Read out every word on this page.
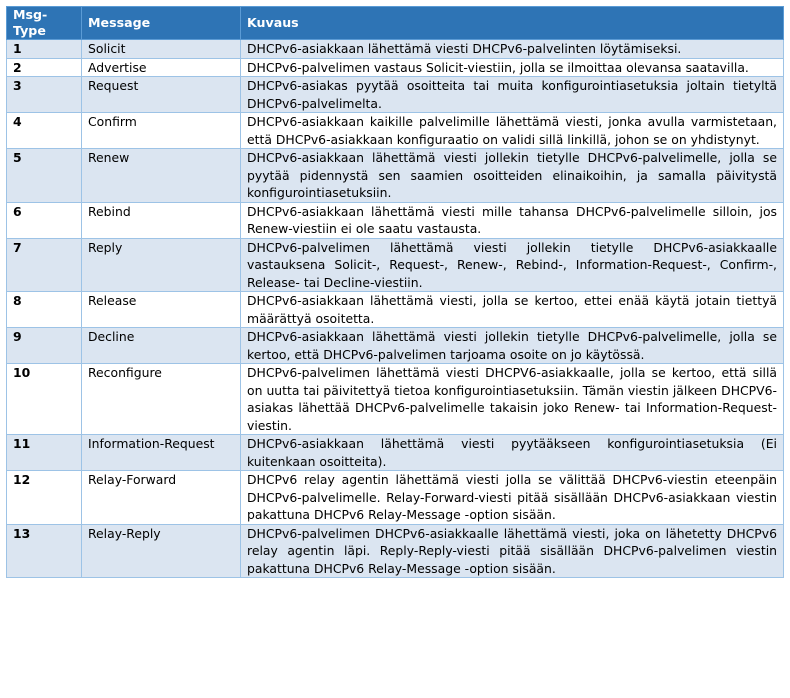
Msg-Type	Message	Kuvaus
1	Solicit	DHCPv6-asiakkaan lähettämä viesti DHCPv6-palvelinten löytämiseksi.
2	Advertise	DHCPv6-palvelimen vastaus Solicit-viestiin, jolla se ilmoittaa olevansa saatavilla.
3	Request	DHCPv6-asiakas pyytää osoitteita tai muita konfigurointiasetuksia joltain tietyltä DHCPv6-palvelimelta.
4	Confirm	DHCPv6-asiakkaan kaikille palvelimille lähettämä viesti, jonka avulla varmistetaan, että DHCPv6-asiakkaan konfiguraatio on validi sillä linkillä, johon se on yhdistynyt.
5	Renew	DHCPv6-asiakkaan lähettämä viesti jollekin tietylle DHCPv6-palvelimelle, jolla se pyytää pidennystä sen saamien osoitteiden elinaikoihin, ja samalla päivitystä konfigurointiasetuksiin.
6	Rebind	DHCPv6-asiakkaan lähettämä viesti mille tahansa DHCPv6-palvelimelle silloin, jos Renew-viestiin ei ole saatu vastausta.
7	Reply	DHCPv6-palvelimen lähettämä viesti jollekin tietylle DHCPv6-asiakkaalle vastauksena Solicit-, Request-, Renew-, Rebind-, Information-Request-, Confirm-, Release- tai Decline-viestiin.
8	Release	DHCPv6-asiakkaan lähettämä viesti, jolla se kertoo, ettei enää käytä jotain tiettyä määrättyä osoitetta.
9	Decline	DHCPv6-asiakkaan lähettämä viesti jollekin tietylle DHCPv6-palvelimelle, jolla se kertoo, että DHCPv6-palvelimen tarjoama osoite on jo käytössä.
10	Reconfigure	DHCPv6-palvelimen lähettämä viesti DHCPV6-asiakkaalle, jolla se kertoo, että sillä on uutta tai päivitettyä tietoa konfigurointiasetuksiin. Tämän viestin jälkeen DHCPV6-asiakas lähettää DHCPv6-palvelimelle takaisin joko Renew- tai Information-Request-viestin.
11	Information-Request	DHCPv6-asiakkaan lähettämä viesti pyytääkseen konfigurointiasetuksia (Ei kuitenkaan osoitteita).
12	Relay-Forward	DHCPv6 relay agentin lähettämä viesti jolla se välittää DHCPv6-viestin eteenpäin DHCPv6-palvelimelle. Relay-Forward-viesti pitää sisällään DHCPv6-asiakkaan viestin pakattuna DHCPv6 Relay-Message -option sisään.
13	Relay-Reply	DHCPv6-palvelimen DHCPv6-asiakkaalle lähettämä viesti, joka on lähetetty DHCPv6 relay agentin läpi. Reply-Reply-viesti pitää sisällään DHCPv6-palvelimen viestin pakattuna DHCPv6 Relay-Message -option sisään.
